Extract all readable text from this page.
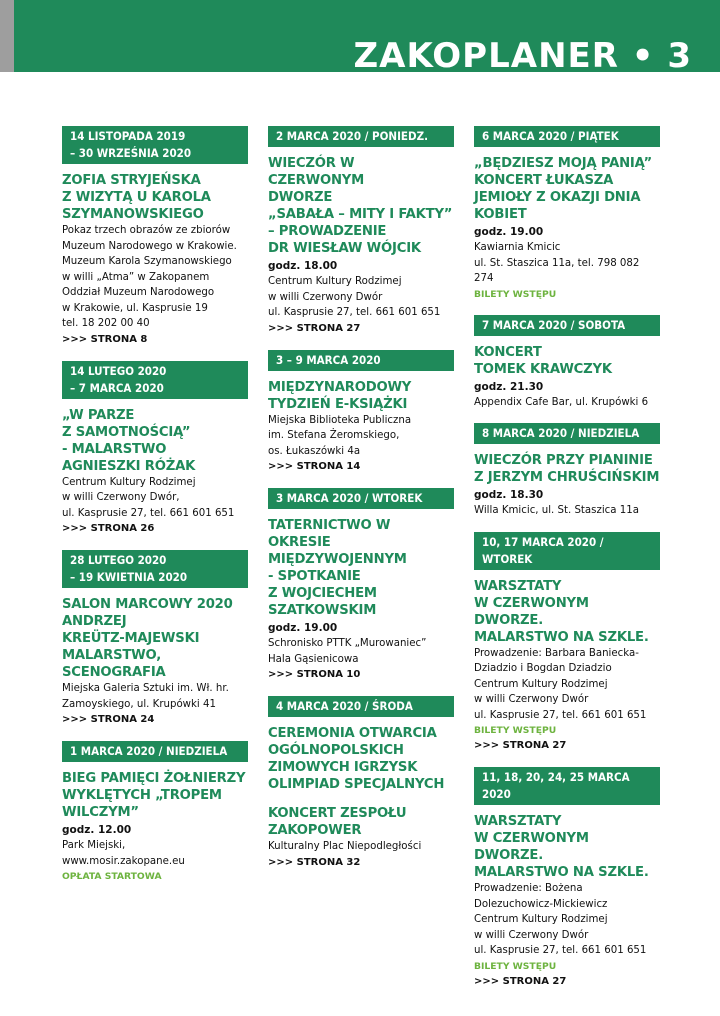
ZAKOPLANER • 3
14 LISTOPADA 2019
– 30 WRZEŚNIA 2020
ZOFIA STRYJEŃSKA
Z WIZYTĄ U KAROLA
SZYMANOWSKIEGO
Pokaz trzech obrazów ze zbiorów
Muzeum Narodowego w Krakowie.
Muzeum Karola Szymanowskiego
w willi „Atma” w Zakopanem
Oddział Muzeum Narodowego
w Krakowie, ul. Kasprusie 19
tel. 18 202 00 40
>>> STRONA 8
14 LUTEGO 2020
– 7 MARCA 2020
„W PARZE
Z SAMOTNOŚCIĄ”
- MALARSTWO
AGNIESZKI RÓŻAK
Centrum Kultury Rodzimej
w willi Czerwony Dwór,
ul. Kasprusie 27, tel. 661 601 651
>>> STRONA 26
28 LUTEGO 2020
– 19 KWIETNIA 2020
SALON MARCOWY 2020
ANDRZEJ
KREÜTZ-MAJEWSKI
MALARSTWO,
SCENOGRAFIA
Miejska Galeria Sztuki im. Wł. hr.
Zamoyskiego, ul. Krupówki 41
>>> STRONA 24
1 MARCA 2020 / NIEDZIELA
BIEG PAMIĘCI ŻOŁNIERZY
WYKLĘTYCH „TROPEM
WILCZYM”
godz. 12.00
Park Miejski, www.mosir.zakopane.eu
OPŁATA STARTOWA
2 MARCA 2020 / PONIEDZ.
WIECZÓR W CZERWONYM
DWORZE
„SABAŁA – MITY I FAKTY”
– PROWADZENIE
DR WIESŁAW WÓJCIK
godz. 18.00
Centrum Kultury Rodzimej
w willi Czerwony Dwór
ul. Kasprusie 27, tel. 661 601 651
>>> STRONA 27
3 – 9 MARCA 2020
MIĘDZYNARODOWY
TYDZIEŃ E-KSIĄŻKI
Miejska Biblioteka Publiczna
im. Stefana Żeromskiego,
os. Łukaszówki 4a
>>> STRONA 14
3 MARCA 2020 / WTOREK
TATERNICTWO W OKRESIE
MIĘDZYWOJENNYM
- SPOTKANIE
Z WOJCIECHEM
SZATKOWSKIM
godz. 19.00
Schronisko PTTK „Murowaniec”
Hala Gąsienicowa
>>> STRONA 10
4 MARCA 2020 / ŚRODA
CEREMONIA OTWARCIA
OGÓLNOPOLSKICH
ZIMOWYCH IGRZYSK
OLIMPIAD SPECJALNYCH
KONCERT ZESPOŁU
ZAKOPOWER
Kulturalny Plac Niepodległości
>>> STRONA 32
6 MARCA 2020 / PIĄTEK
„BĘDZIESZ MOJĄ PANIĄ”
KONCERT ŁUKASZA
JEMIOŁY Z OKAZJI DNIA
KOBIET
godz. 19.00
Kawiarnia Kmicic
ul. St. Staszica 11a, tel. 798 082 274
BILETY WSTĘPU
7 MARCA 2020 / SOBOTA
KONCERT
TOMEK KRAWCZYK
godz. 21.30
Appendix Cafe Bar, ul. Krupówki 6
8 MARCA 2020 / NIEDZIELA
WIECZÓR PRZY PIANINIE
Z JERZYM CHRUŚCIŃSKIM
godz. 18.30
Willa Kmicic, ul. St. Staszica 11a
10, 17 MARCA 2020 / WTOREK
WARSZTATY
W CZERWONYM DWORZE.
MALARSTWO NA SZKLE.
Prowadzenie: Barbara Baniecka-
Dziadzio i Bogdan Dziadzio
Centrum Kultury Rodzimej
w willi Czerwony Dwór
ul. Kasprusie 27, tel. 661 601 651
BILETY WSTĘPU
>>> STRONA 27
11, 18, 20, 24, 25 MARCA 2020
WARSZTATY
W CZERWONYM DWORZE.
MALARSTWO NA SZKLE.
Prowadzenie: Bożena
Dolezuchowicz-Mickiewicz
Centrum Kultury Rodzimej
w willi Czerwony Dwór
ul. Kasprusie 27, tel. 661 601 651
BILETY WSTĘPU
>>> STRONA 27
